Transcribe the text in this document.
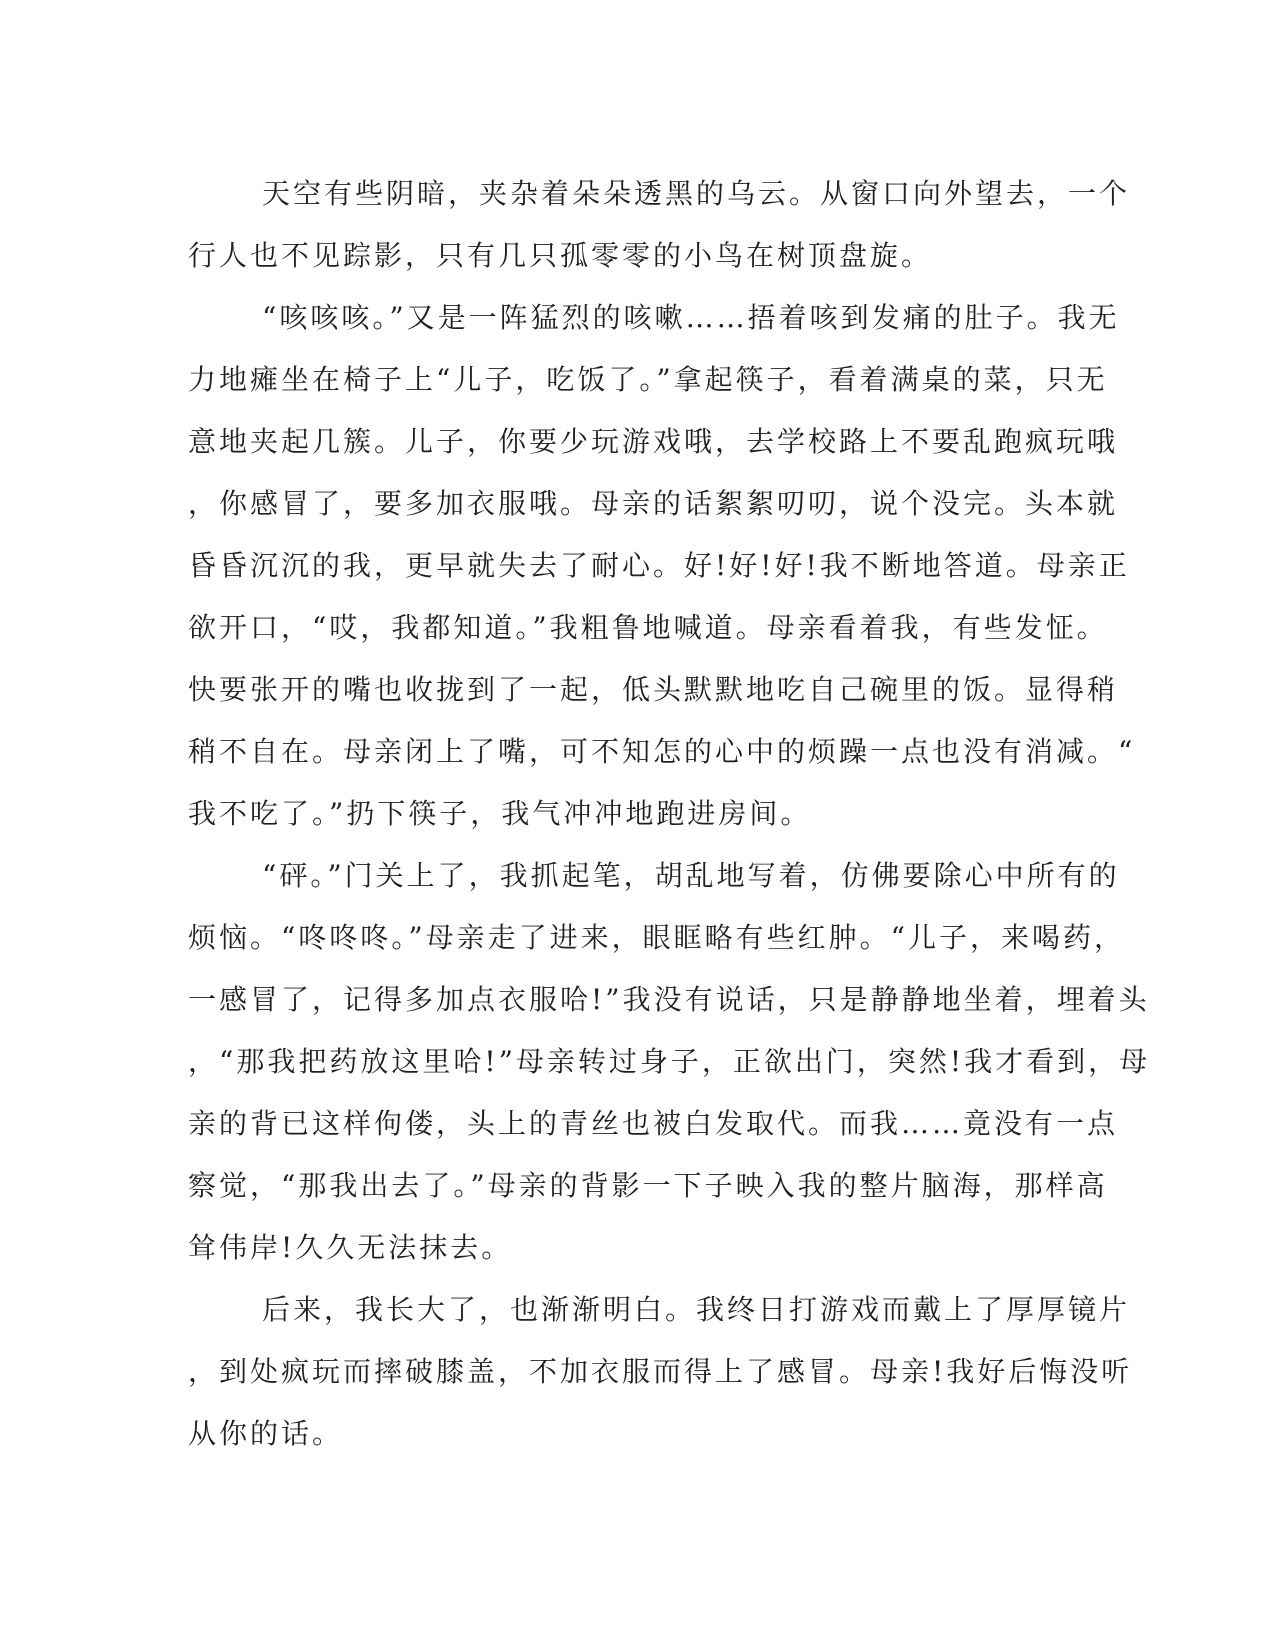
天空有些阴暗，夹杂着朵朵透黑的乌云。从窗口向外望去，一个
行人也不见踪影，只有几只孤零零的小鸟在树顶盘旋。
“咳咳咳。”又是一阵猛烈的咳嗽……捂着咳到发痛的肚子。我无
力地瘫坐在椅子上“儿子，吃饭了。”拿起筷子，看着满桌的菜，只无
意地夹起几簇。儿子，你要少玩游戏哦，去学校路上不要乱跑疯玩哦
，你感冒了，要多加衣服哦。母亲的话絮絮叨叨，说个没完。头本就
昏昏沉沉的我，更早就失去了耐心。好!好!好!我不断地答道。母亲正
欲开口，“哎，我都知道。”我粗鲁地喊道。母亲看着我，有些发怔。
快要张开的嘴也收拢到了一起，低头默默地吃自己碗里的饭。显得稍
稍不自在。母亲闭上了嘴，可不知怎的心中的烦躁一点也没有消减。“
我不吃了。”扔下筷子，我气冲冲地跑进房间。
“砰。”门关上了，我抓起笔，胡乱地写着，仿佛要除心中所有的
烦恼。“咚咚咚。”母亲走了进来，眼眶略有些红肿。“儿子，来喝药，
一感冒了，记得多加点衣服哈!”我没有说话，只是静静地坐着，埋着头
，“那我把药放这里哈!”母亲转过身子，正欲出门，突然!我才看到，母
亲的背已这样佝偻，头上的青丝也被白发取代。而我……竟没有一点
察觉，“那我出去了。”母亲的背影一下子映入我的整片脑海，那样高
耸伟岸!久久无法抹去。
后来，我长大了，也渐渐明白。我终日打游戏而戴上了厚厚镜片
，到处疯玩而摔破膝盖，不加衣服而得上了感冒。母亲!我好后悔没听
从你的话。
